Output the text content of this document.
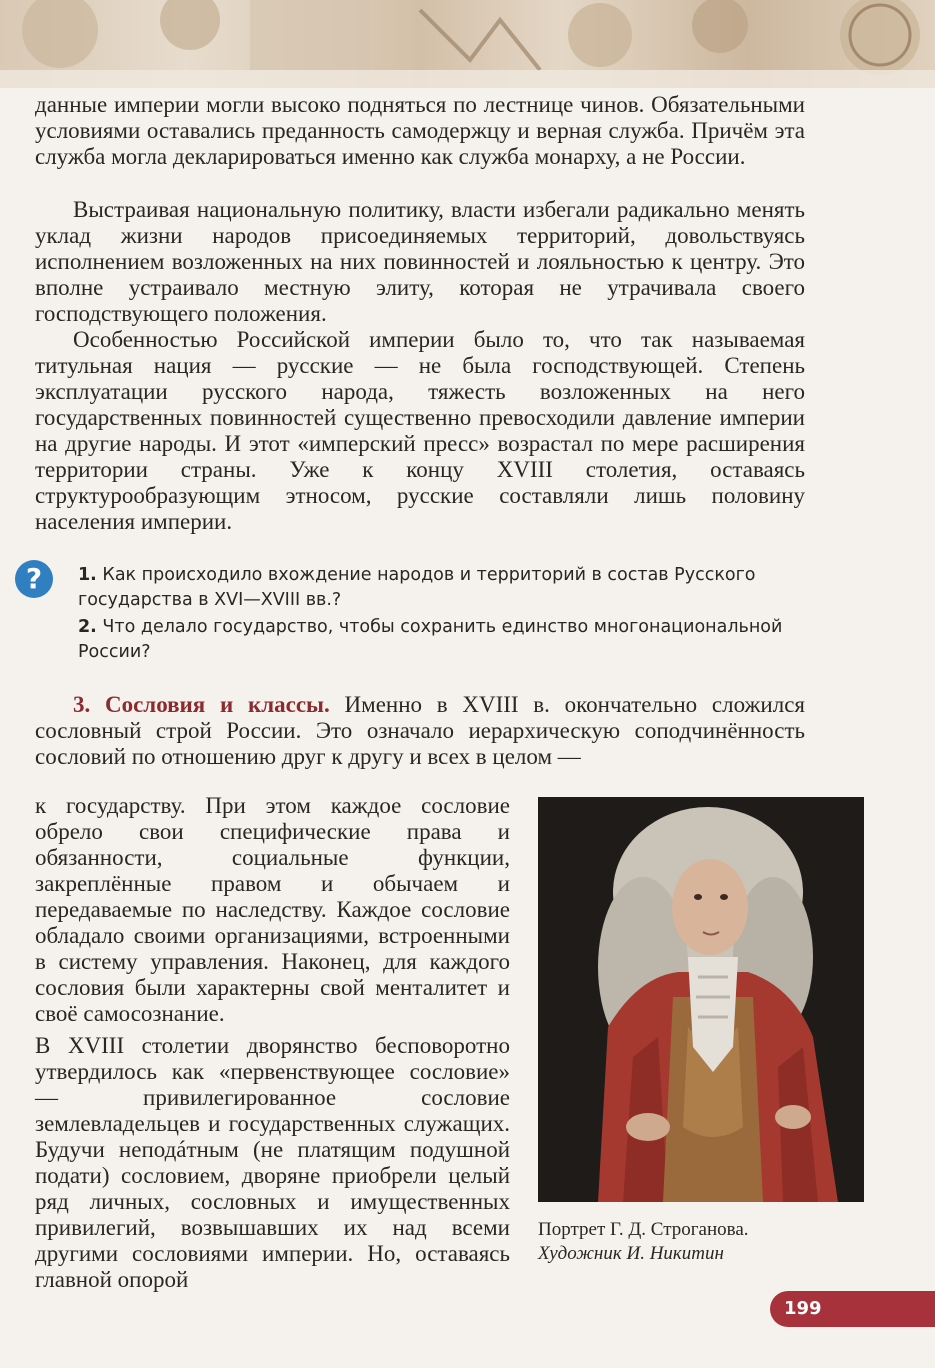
данные империи могли высоко подняться по лестнице чинов. Обязательными условиями оставались преданность самодержцу и верная служба. Причём эта служба могла декларироваться именно как служба монарху, а не России.

Выстраивая национальную политику, власти избегали радикально менять уклад жизни народов присоединяемых территорий, довольствуясь исполнением возложенных на них повинностей и лояльностью к центру. Это вполне устраивало местную элиту, которая не утрачивала своего господствующего положения.

Особенностью Российской империи было то, что так называемая титульная нация — русские — не была господствующей. Степень эксплуатации русского народа, тяжесть возложенных на него государственных повинностей существенно превосходили давление империи на другие народы. И этот «имперский пресс» возрастал по мере расширения территории страны. Уже к концу XVIII столетия, оставаясь структурообразующим этносом, русские составляли лишь половину населения империи.

?	1. Как происходило вхождение народов и территорий в состав Русского государства в XVI—XVIII вв.?

2. Что делало государство, чтобы сохранить единство многонациональной России?

3. Сословия и классы. Именно в XVIII в. окончательно сложился сословный строй России. Это означало иерархическую соподчинённость сословий по отношению друг к другу и всех в целом —

к государству. При этом каждое сословие обрело свои специфические права и обязанности, социальные функции, закреплённые правом и обычаем и передаваемые по наследству. Каждое сословие обладало своими организациями, встроенными в систему управления. Наконец, для каждого сословия были характерны свой менталитет и своё самосознание.

В XVIII столетии дворянство бесповоротно утвердилось как «первенствующее сословие» — привилегированное сословие землевладельцев и государственных служащих. Будучи неподáтным (не платящим подушной подати) сословием, дворяне приобрели целый ряд личных, сословных и имущественных привилегий, возвышавших их над всеми другими сословиями империи. Но, оставаясь главной опорой

Портрет Г. Д. Строганова.
Художник И. Никитин
199
